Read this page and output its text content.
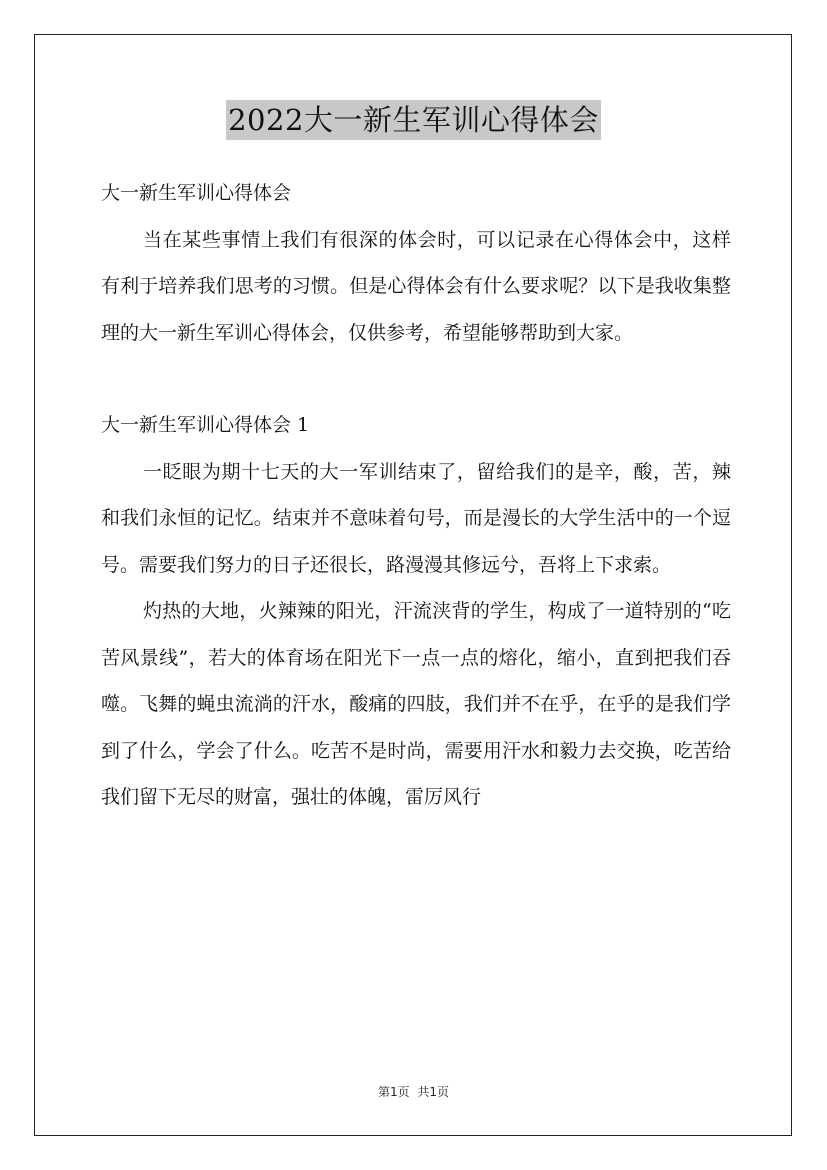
2022大一新生军训心得体会

大一新生军训心得体会

当在某些事情上我们有很深的体会时，可以记录在心得体会中，这样有利于培养我们思考的习惯。但是心得体会有什么要求呢？以下是我收集整理的大一新生军训心得体会，仅供参考，希望能够帮助到大家。

大一新生军训心得体会 1

一眨眼为期十七天的大一军训结束了，留给我们的是辛，酸，苦，辣和我们永恒的记忆。结束并不意味着句号，而是漫长的大学生活中的一个逗号。需要我们努力的日子还很长，路漫漫其修远兮，吾将上下求索。

灼热的大地，火辣辣的阳光，汗流浃背的学生，构成了一道特别的“吃苦风景线”，若大的体育场在阳光下一点一点的熔化，缩小，直到把我们吞噬。飞舞的蝇虫流淌的汗水，酸痛的四肢，我们并不在乎，在乎的是我们学到了什么，学会了什么。吃苦不是时尚，需要用汗水和毅力去交换，吃苦给我们留下无尽的财富，强壮的体魄，雷厉风行

第1页 共1页
